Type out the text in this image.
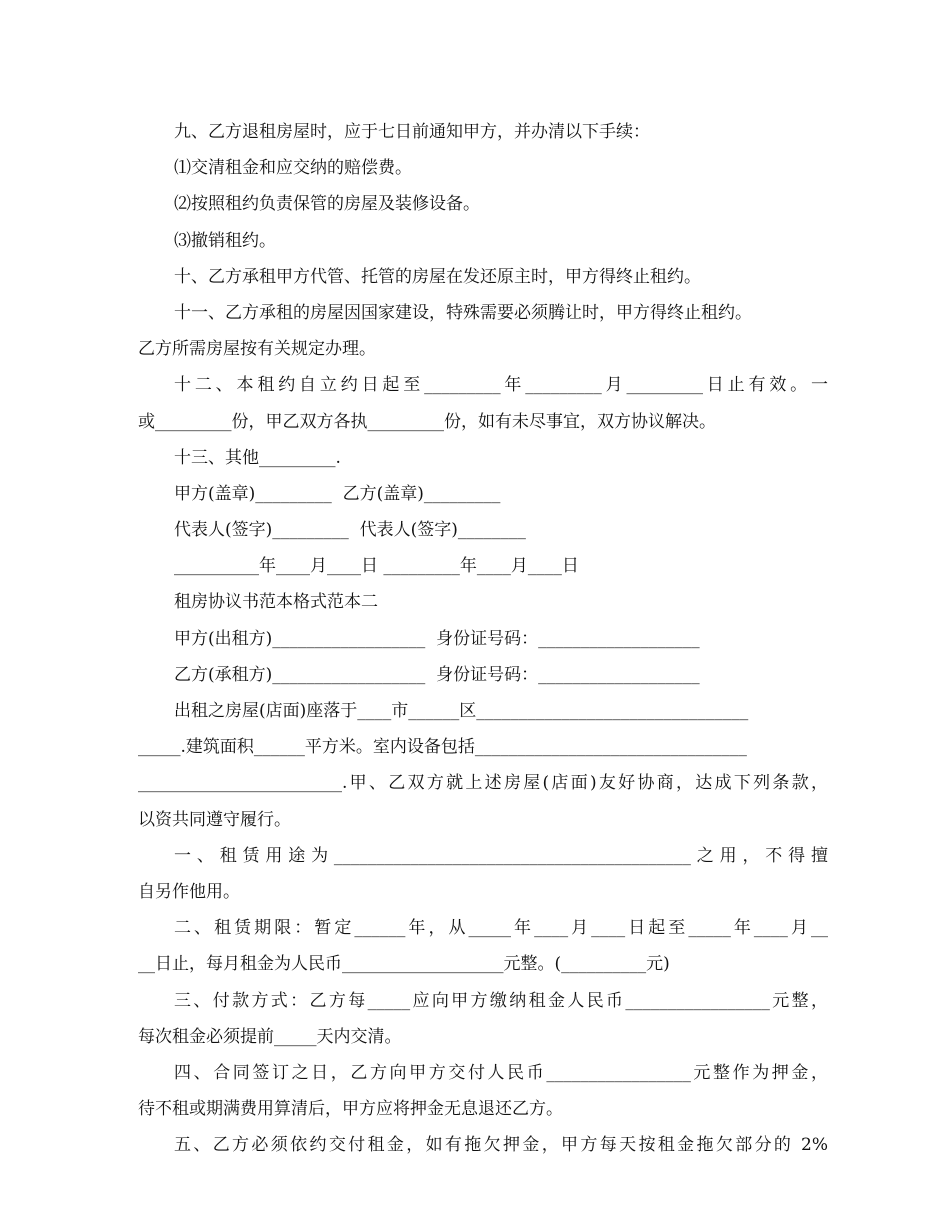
九、乙方退租房屋时，应于七日前通知甲方，并办清以下手续：
⑴交清租金和应交纳的赔偿费。
⑵按照租约负责保管的房屋及装修设备。
⑶撤销租约。
十、乙方承租甲方代管、托管的房屋在发还原主时，甲方得终止租约。
十一、乙方承租的房屋因国家建设，特殊需要必须腾让时，甲方得终止租约。
乙方所需房屋按有关规定办理。
十二、本租约自立约日起至_________年_________月_________日止有效。一
或_________份，甲乙双方各执_________份，如有未尽事宜，双方协议解决。
十三、其他_________.
甲方(盖章)_________  乙方(盖章)_________
代表人(签字)_________  代表人(签字)________
__________年____月____日 _________年____月____日
租房协议书范本格式范本二
甲方(出租方)__________________  身份证号码：___________________
乙方(承租方)__________________  身份证号码：___________________
出租之房屋(店面)座落于____市______区________________________________
_____.建筑面积______平方米。室内设备包括________________________________
________________________.甲、乙双方就上述房屋(店面)友好协商，达成下列条款，
以资共同遵守履行。
一、租赁用途为__________________________________________之用，不得擅
自另作他用。
二、租赁期限：暂定______年，从_____年____月____日起至_____年____月__
__日止，每月租金为人民币___________________元整。(__________元)
三、付款方式：乙方每_____应向甲方缴纳租金人民币_________________元整，
每次租金必须提前_____天内交清。
四、合同签订之日，乙方向甲方交付人民币_________________元整作为押金，
待不租或期满费用算清后，甲方应将押金无息退还乙方。
五、乙方必须依约交付租金，如有拖欠押金，甲方每天按租金拖欠部分的 2%
